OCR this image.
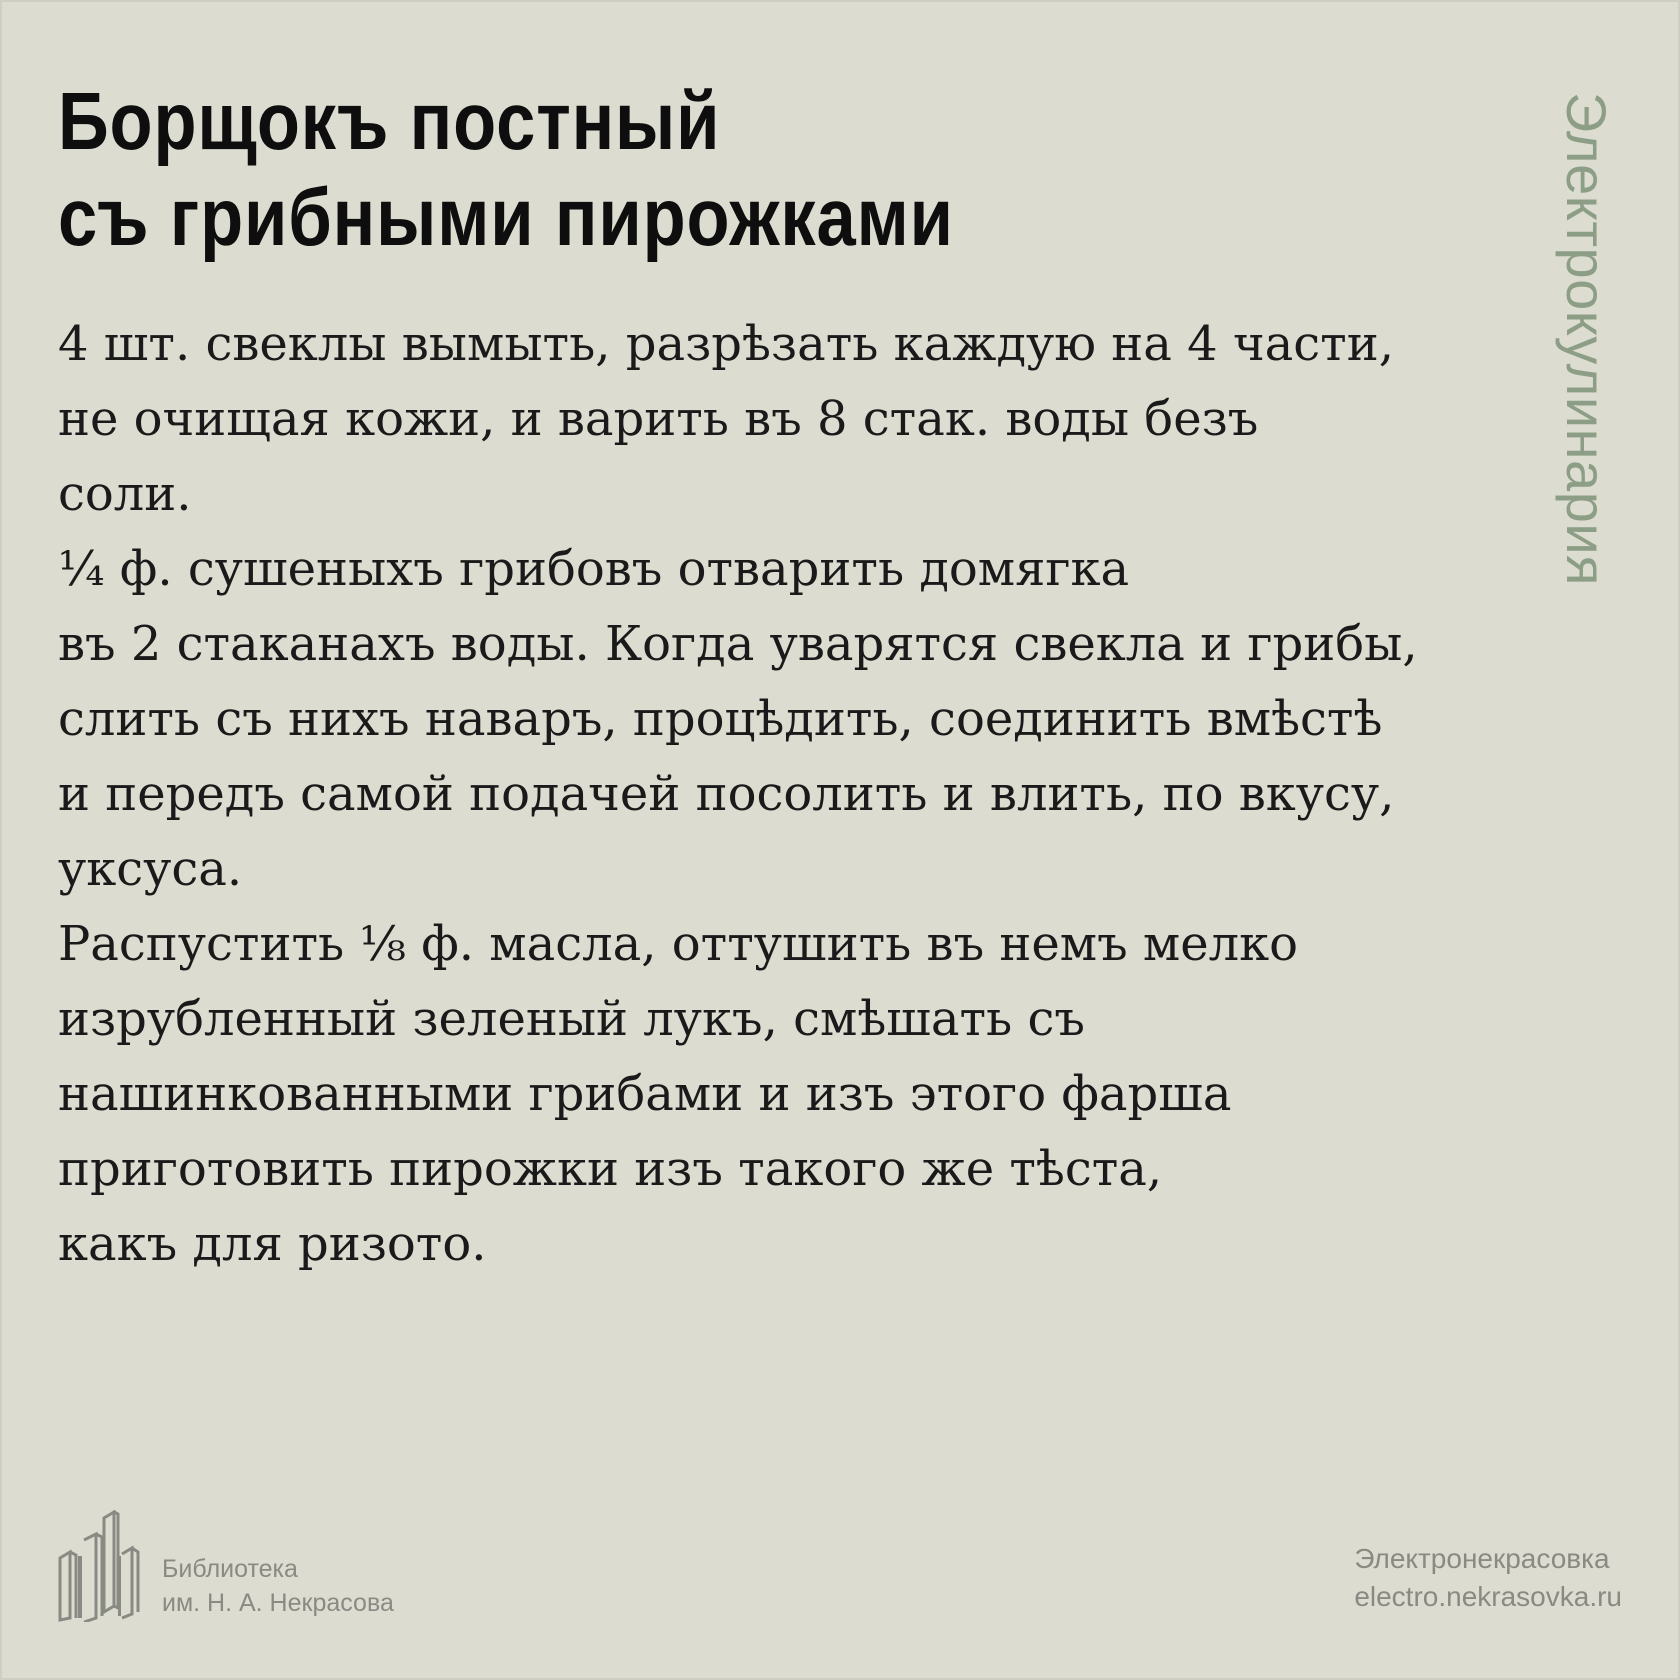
Борщокъ постный
съ грибными пирожками
4 шт. свеклы вымыть, разрѣзать каждую на 4 части,
не очищая кожи, и варить въ 8 стак. воды безъ
соли.
¼ ф. сушеныхъ грибовъ отварить домягка
въ 2 стаканахъ воды. Когда уварятся свекла и грибы,
слить съ нихъ наваръ, процѣдить, соединить вмѣстѣ
и передъ самой подачей посолить и влить, по вкусу,
уксуса.
Распустить ⅛ ф. масла, оттушить въ немъ мелко
изрубленный зеленый лукъ, смѣшать съ
нашинкованными грибами и изъ этого фарша
приготовить пирожки изъ такого же тѣста,
какъ для ризото.
Электрокулинария
Библиотека
им. Н. А. Некрасова
Электронекрасовка
electro.nekrasovka.ru
